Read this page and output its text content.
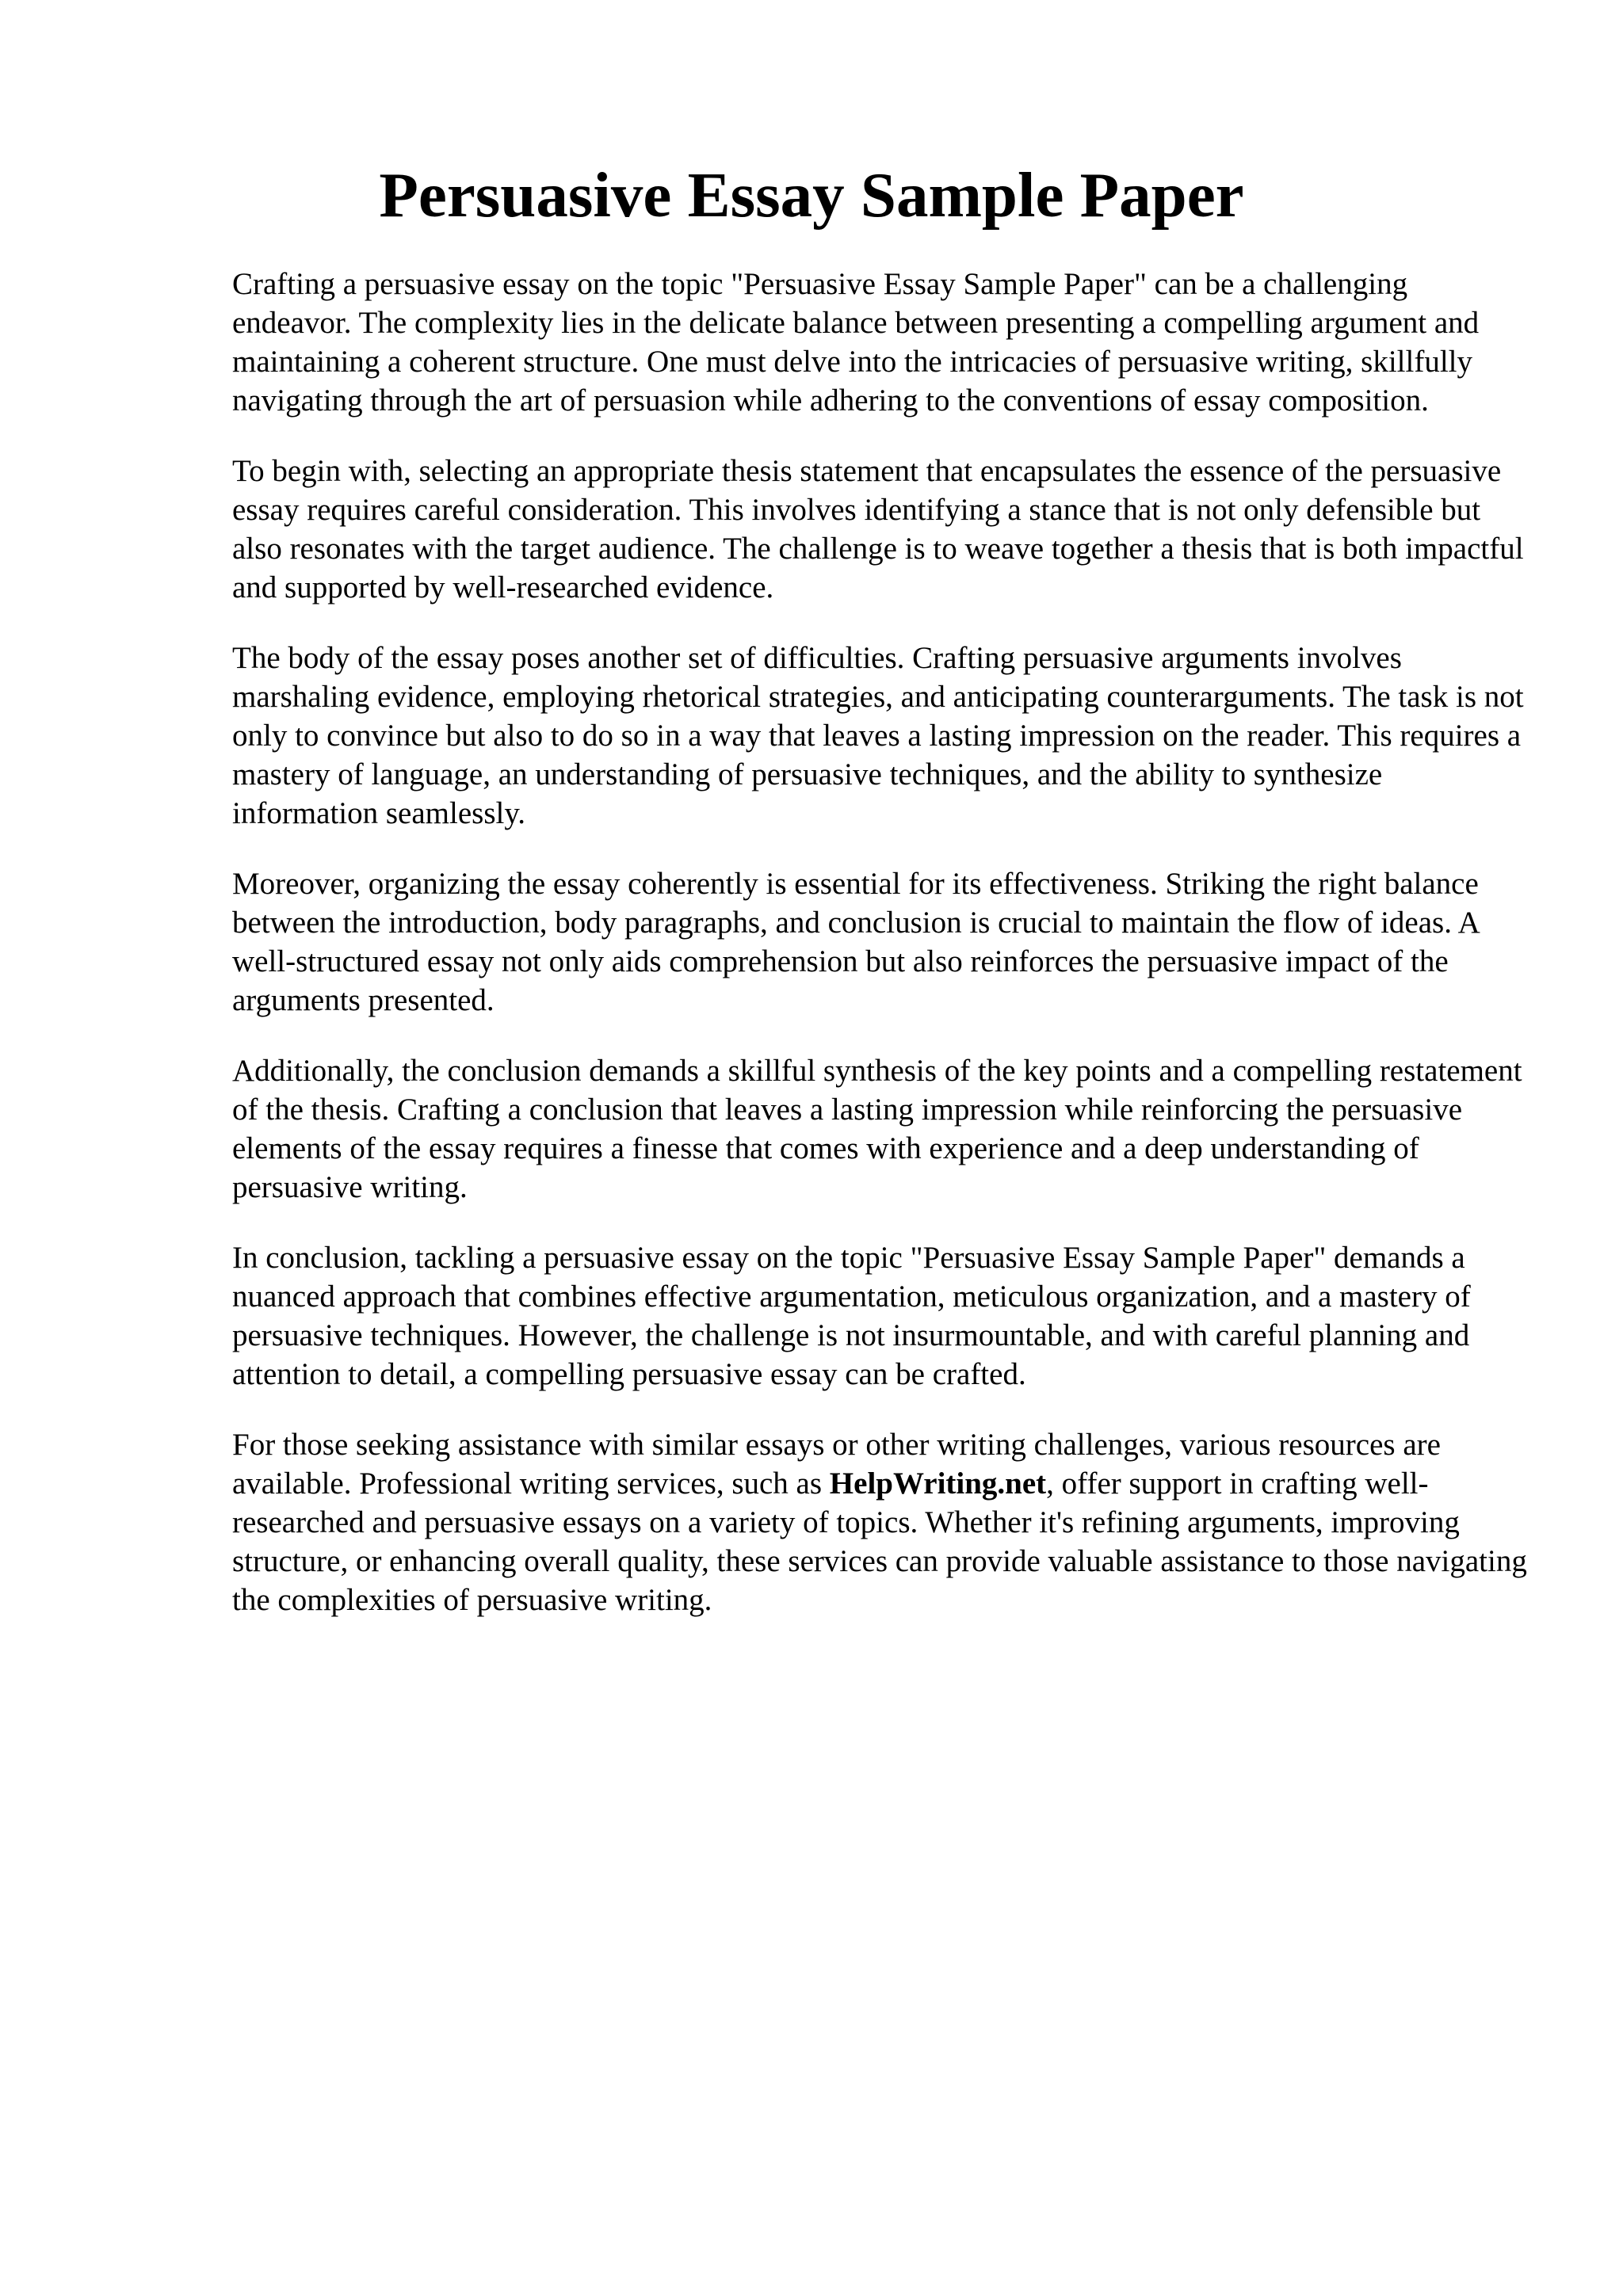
Persuasive Essay Sample Paper

Crafting a persuasive essay on the topic "Persuasive Essay Sample Paper" can be a challenging endeavor. The complexity lies in the delicate balance between presenting a compelling argument and maintaining a coherent structure. One must delve into the intricacies of persuasive writing, skillfully navigating through the art of persuasion while adhering to the conventions of essay composition.

To begin with, selecting an appropriate thesis statement that encapsulates the essence of the persuasive essay requires careful consideration. This involves identifying a stance that is not only defensible but also resonates with the target audience. The challenge is to weave together a thesis that is both impactful and supported by well-researched evidence.

The body of the essay poses another set of difficulties. Crafting persuasive arguments involves marshaling evidence, employing rhetorical strategies, and anticipating counterarguments. The task is not only to convince but also to do so in a way that leaves a lasting impression on the reader. This requires a mastery of language, an understanding of persuasive techniques, and the ability to synthesize information seamlessly.

Moreover, organizing the essay coherently is essential for its effectiveness. Striking the right balance between the introduction, body paragraphs, and conclusion is crucial to maintain the flow of ideas. A well-structured essay not only aids comprehension but also reinforces the persuasive impact of the arguments presented.

Additionally, the conclusion demands a skillful synthesis of the key points and a compelling restatement of the thesis. Crafting a conclusion that leaves a lasting impression while reinforcing the persuasive elements of the essay requires a finesse that comes with experience and a deep understanding of persuasive writing.

In conclusion, tackling a persuasive essay on the topic "Persuasive Essay Sample Paper" demands a nuanced approach that combines effective argumentation, meticulous organization, and a mastery of persuasive techniques. However, the challenge is not insurmountable, and with careful planning and attention to detail, a compelling persuasive essay can be crafted.

For those seeking assistance with similar essays or other writing challenges, various resources are available. Professional writing services, such as HelpWriting.net, offer support in crafting well-researched and persuasive essays on a variety of topics. Whether it's refining arguments, improving structure, or enhancing overall quality, these services can provide valuable assistance to those navigating the complexities of persuasive writing.
